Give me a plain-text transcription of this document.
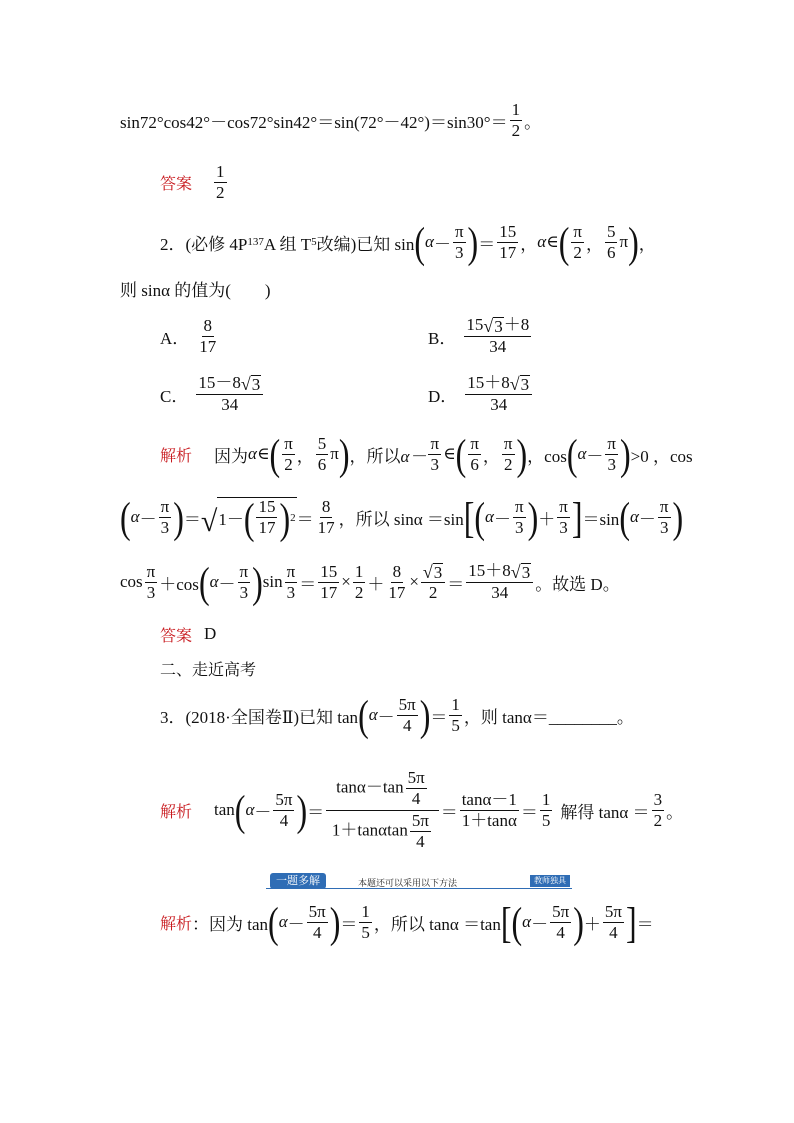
$\sin 72^\circ\cos 42^\circ-\cos 72^\circ\sin 42^\circ=\sin(72^\circ-42^\circ)=\sin 30^\circ= \frac{1}{2}$ 。
答案 $\frac{1}{2}$
2．(必修 4P 137 A 组 T 5 改编)已知 sin ( $\alpha - \frac{\pi}{3}$ ) ＝ $\frac{15}{17}$ ， α∈ ( $\frac{\pi}{2}$ ， $\frac{5}{6}$ π ) ，
则 sinα 的值为(　　)
A． $\frac{8}{17}$	B． $\frac{15 √ 3 +8}{34}$
C． $\frac{15-8 √ 3}{34}$	D． $\frac{15+8 √ 3}{34}$
解析 因为 α∈ ( $\frac{\pi}{2}$ ， $\frac{5}{6}$ π ) ，所以 $\alpha- \frac{\pi}{3}$ ∈ ( $\frac{\pi}{6}$ ， $\frac{\pi}{2}$ ) ，cos ( $\alpha - \frac{\pi}{3}$ ) >0 ，cos
( $\alpha - \frac{\pi}{3}$ ) ＝ √ 1－ ( $\frac{15}{17}$ ) $2 = \frac{8}{17}$ ，所以 sinα ＝sin [ ( $\alpha - \frac{\pi}{3}$ ) ＋ $\frac{\pi}{3}$ ] ＝sin ( $\alpha - \frac{\pi}{3}$ )
$\cos \frac{\pi}{3} +\cos$ ( $\alpha - \frac{\pi}{3}$ ) $\sin \frac{\pi}{3} = \frac{15}{17} \times \frac{1}{2} + \frac{8}{17} \times \frac{√ 3}{2} = \frac{15+8 √ 3}{34}$ 。故选 D。
答案 D
二、走近高考
3．(2018·全国卷Ⅱ)已知 tan ( $\alpha - \frac{5\pi}{4}$ ) ＝ $\frac{1}{5}$ ，则 tanα＝________。
解析 tan ( $\alpha - \frac{5\pi}{4}$ ) ＝ $\frac{\tan\alpha-\tan \frac{5\pi}{4}}{1+\tan\alpha\tan \frac{5\pi}{4}} = \frac{\tan\alpha-1}{1+\tan\alpha} = \frac{1}{5}$ 解得 $\tan\alpha = \frac{3}{2}$ 。
一题多解	本题还可以采用以下方法	教师独具
解析 ：因为 tan ( $\alpha - \frac{5\pi}{4}$ ) ＝ $\frac{1}{5}$ ，所以 tanα ＝tan [ ( $\alpha - \frac{5\pi}{4}$ ) ＋ $\frac{5\pi}{4}$ ] ＝
